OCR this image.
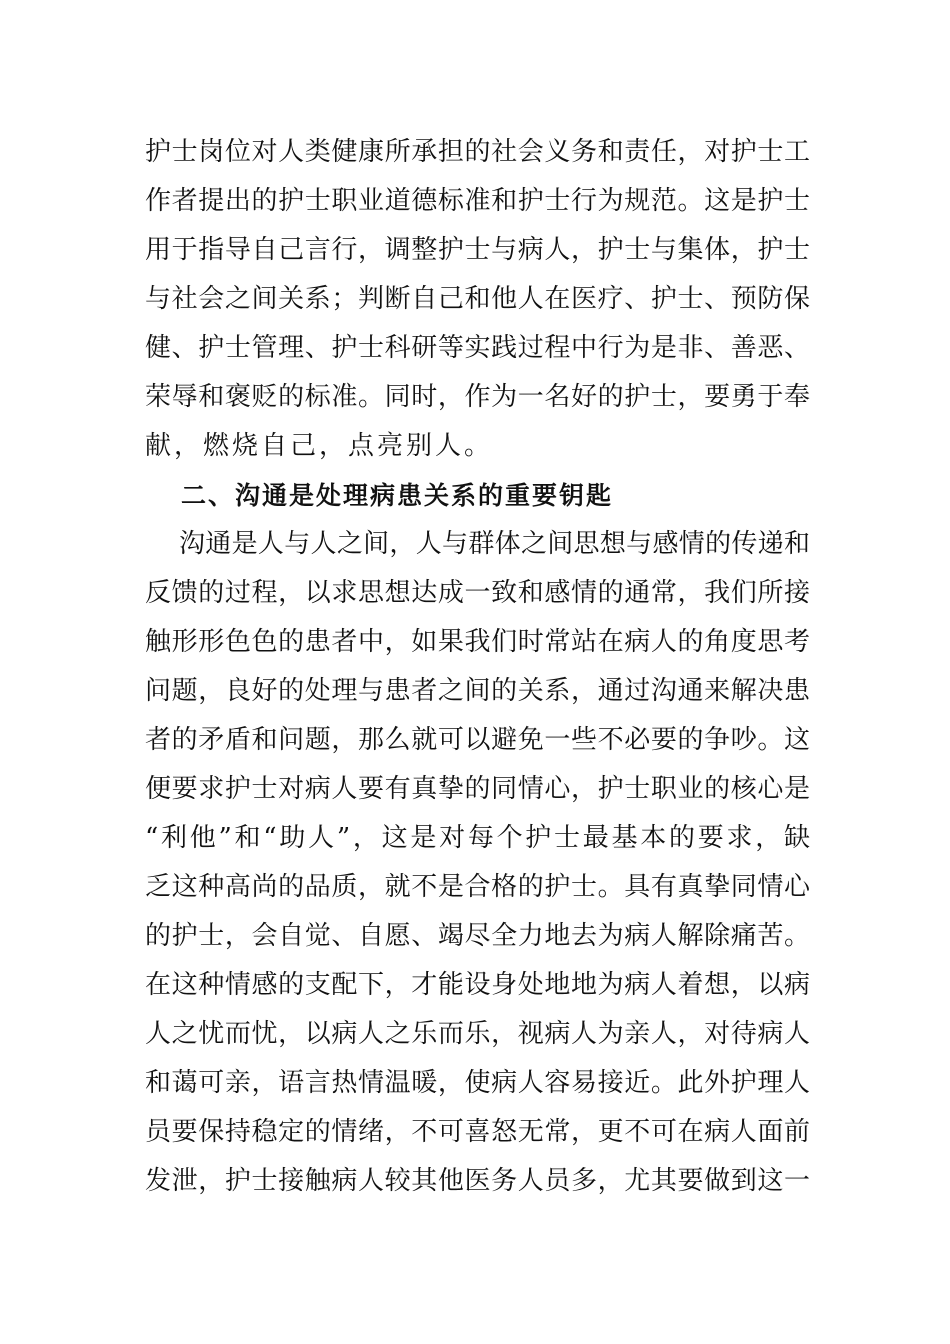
护士岗位对人类健康所承担的社会义务和责任，对护士工
作者提出的护士职业道德标准和护士行为规范。这是护士
用于指导自己言行，调整护士与病人，护士与集体，护士
与社会之间关系；判断自己和他人在医疗、护士、预防保
健、护士管理、护士科研等实践过程中行为是非、善恶、
荣辱和褒贬的标准。同时，作为一名好的护士，要勇于奉
献，燃烧自己，点亮别人。
二、沟通是处理病患关系的重要钥匙
沟通是人与人之间，人与群体之间思想与感情的传递和
反馈的过程，以求思想达成一致和感情的通常，我们所接
触形形色色的患者中，如果我们时常站在病人的角度思考
问题，良好的处理与患者之间的关系，通过沟通来解决患
者的矛盾和问题，那么就可以避免一些不必要的争吵。这
便要求护士对病人要有真挚的同情心，护士职业的核心是
“利他”和“助人”，这是对每个护士最基本的要求，缺
乏这种高尚的品质，就不是合格的护士。具有真挚同情心
的护士，会自觉、自愿、竭尽全力地去为病人解除痛苦。
在这种情感的支配下，才能设身处地地为病人着想，以病
人之忧而忧，以病人之乐而乐，视病人为亲人，对待病人
和蔼可亲，语言热情温暖，使病人容易接近。此外护理人
员要保持稳定的情绪，不可喜怒无常，更不可在病人面前
发泄，护士接触病人较其他医务人员多，尤其要做到这一
